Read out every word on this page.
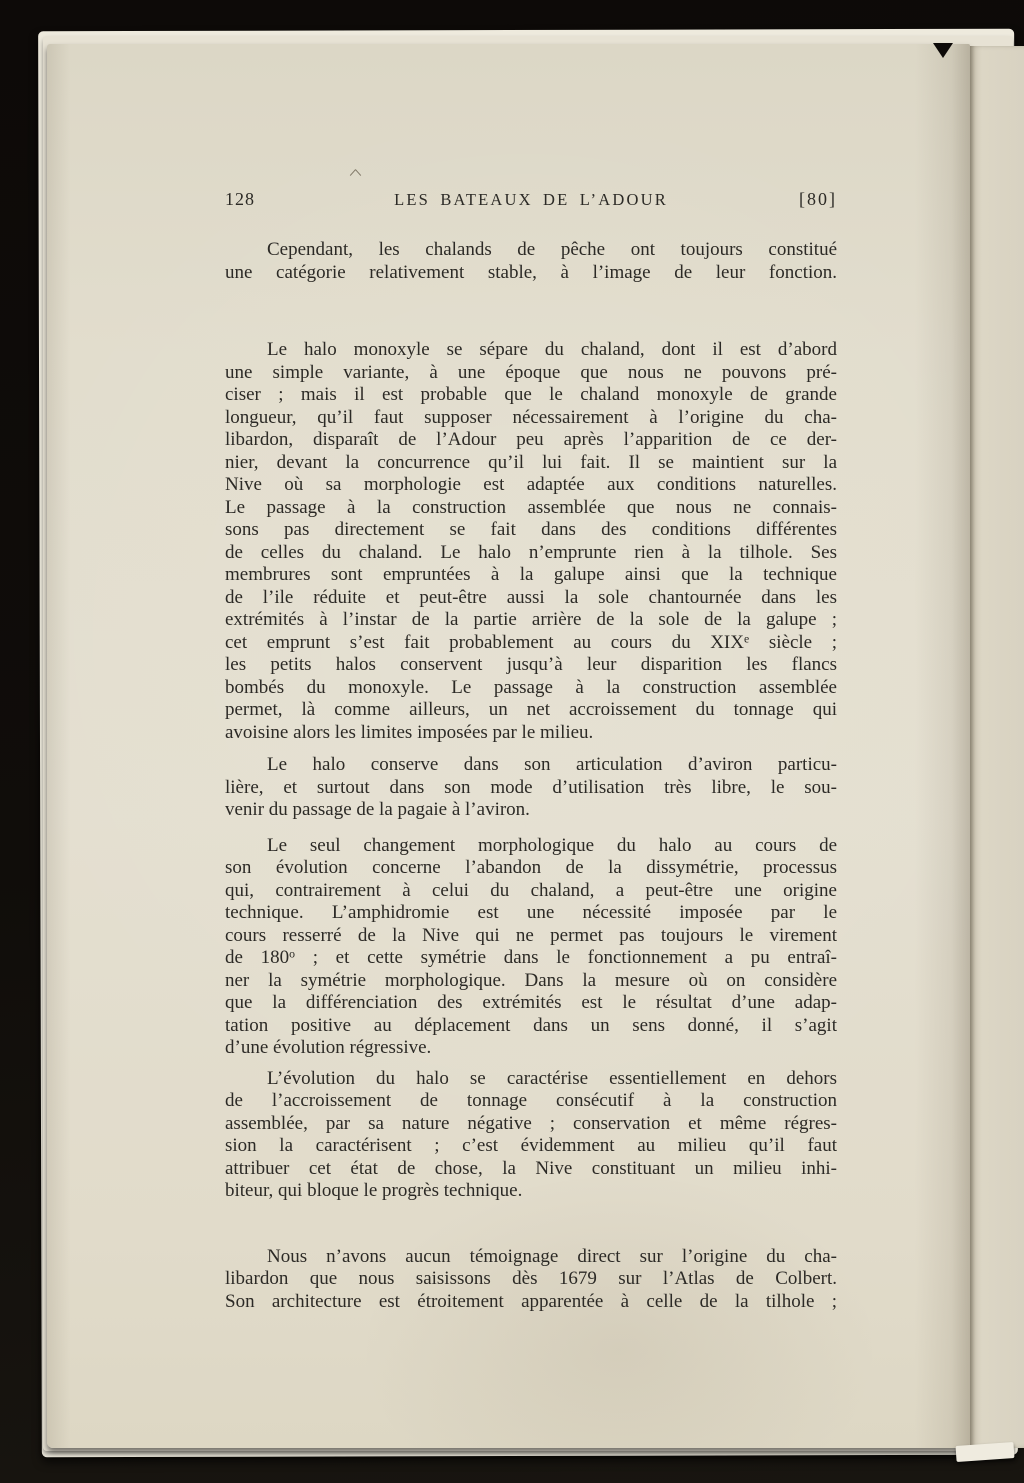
128	LES BATEAUX DE L’ADOUR	[80]
Cependant, les chalands de pêche ont toujours constitué
une catégorie relativement stable, à l’image de leur fonction.
Le halo monoxyle se sépare du chaland, dont il est d’abord
une simple variante, à une époque que nous ne pouvons pré-
ciser ; mais il est probable que le chaland monoxyle de grande
longueur, qu’il faut supposer nécessairement à l’origine du cha-
libardon, disparaît de l’Adour peu après l’apparition de ce der-
nier, devant la concurrence qu’il lui fait. Il se maintient sur la
Nive où sa morphologie est adaptée aux conditions naturelles.
Le passage à la construction assemblée que nous ne connais-
sons pas directement se fait dans des conditions différentes
de celles du chaland. Le halo n’emprunte rien à la tilhole. Ses
membrures sont empruntées à la galupe ainsi que la technique
de l’ile réduite et peut-être aussi la sole chantournée dans les
extrémités à l’instar de la partie arrière de la sole de la galupe ;
cet emprunt s’est fait probablement au cours du XIXe siècle ;
les petits halos conservent jusqu’à leur disparition les flancs
bombés du monoxyle. Le passage à la construction assemblée
permet, là comme ailleurs, un net accroissement du tonnage qui
avoisine alors les limites imposées par le milieu.
Le halo conserve dans son articulation d’aviron particu-
lière, et surtout dans son mode d’utilisation très libre, le sou-
venir du passage de la pagaie à l’aviron.
Le seul changement morphologique du halo au cours de
son évolution concerne l’abandon de la dissymétrie, processus
qui, contrairement à celui du chaland, a peut-être une origine
technique. L’amphidromie est une nécessité imposée par le
cours resserré de la Nive qui ne permet pas toujours le virement
de 180$^o$ ; et cette symétrie dans le fonctionnement a pu entraî-
ner la symétrie morphologique. Dans la mesure où on considère
que la différenciation des extrémités est le résultat d’une adap-
tation positive au déplacement dans un sens donné, il s’agit
d’une évolution régressive.
L’évolution du halo se caractérise essentiellement en dehors
de l’accroissement de tonnage consécutif à la construction
assemblée, par sa nature négative ; conservation et même régres-
sion la caractérisent ; c’est évidemment au milieu qu’il faut
attribuer cet état de chose, la Nive constituant un milieu inhi-
biteur, qui bloque le progrès technique.
Nous n’avons aucun témoignage direct sur l’origine du cha-
libardon que nous saisissons dès 1679 sur l’Atlas de Colbert.
Son architecture est étroitement apparentée à celle de la tilhole ;
